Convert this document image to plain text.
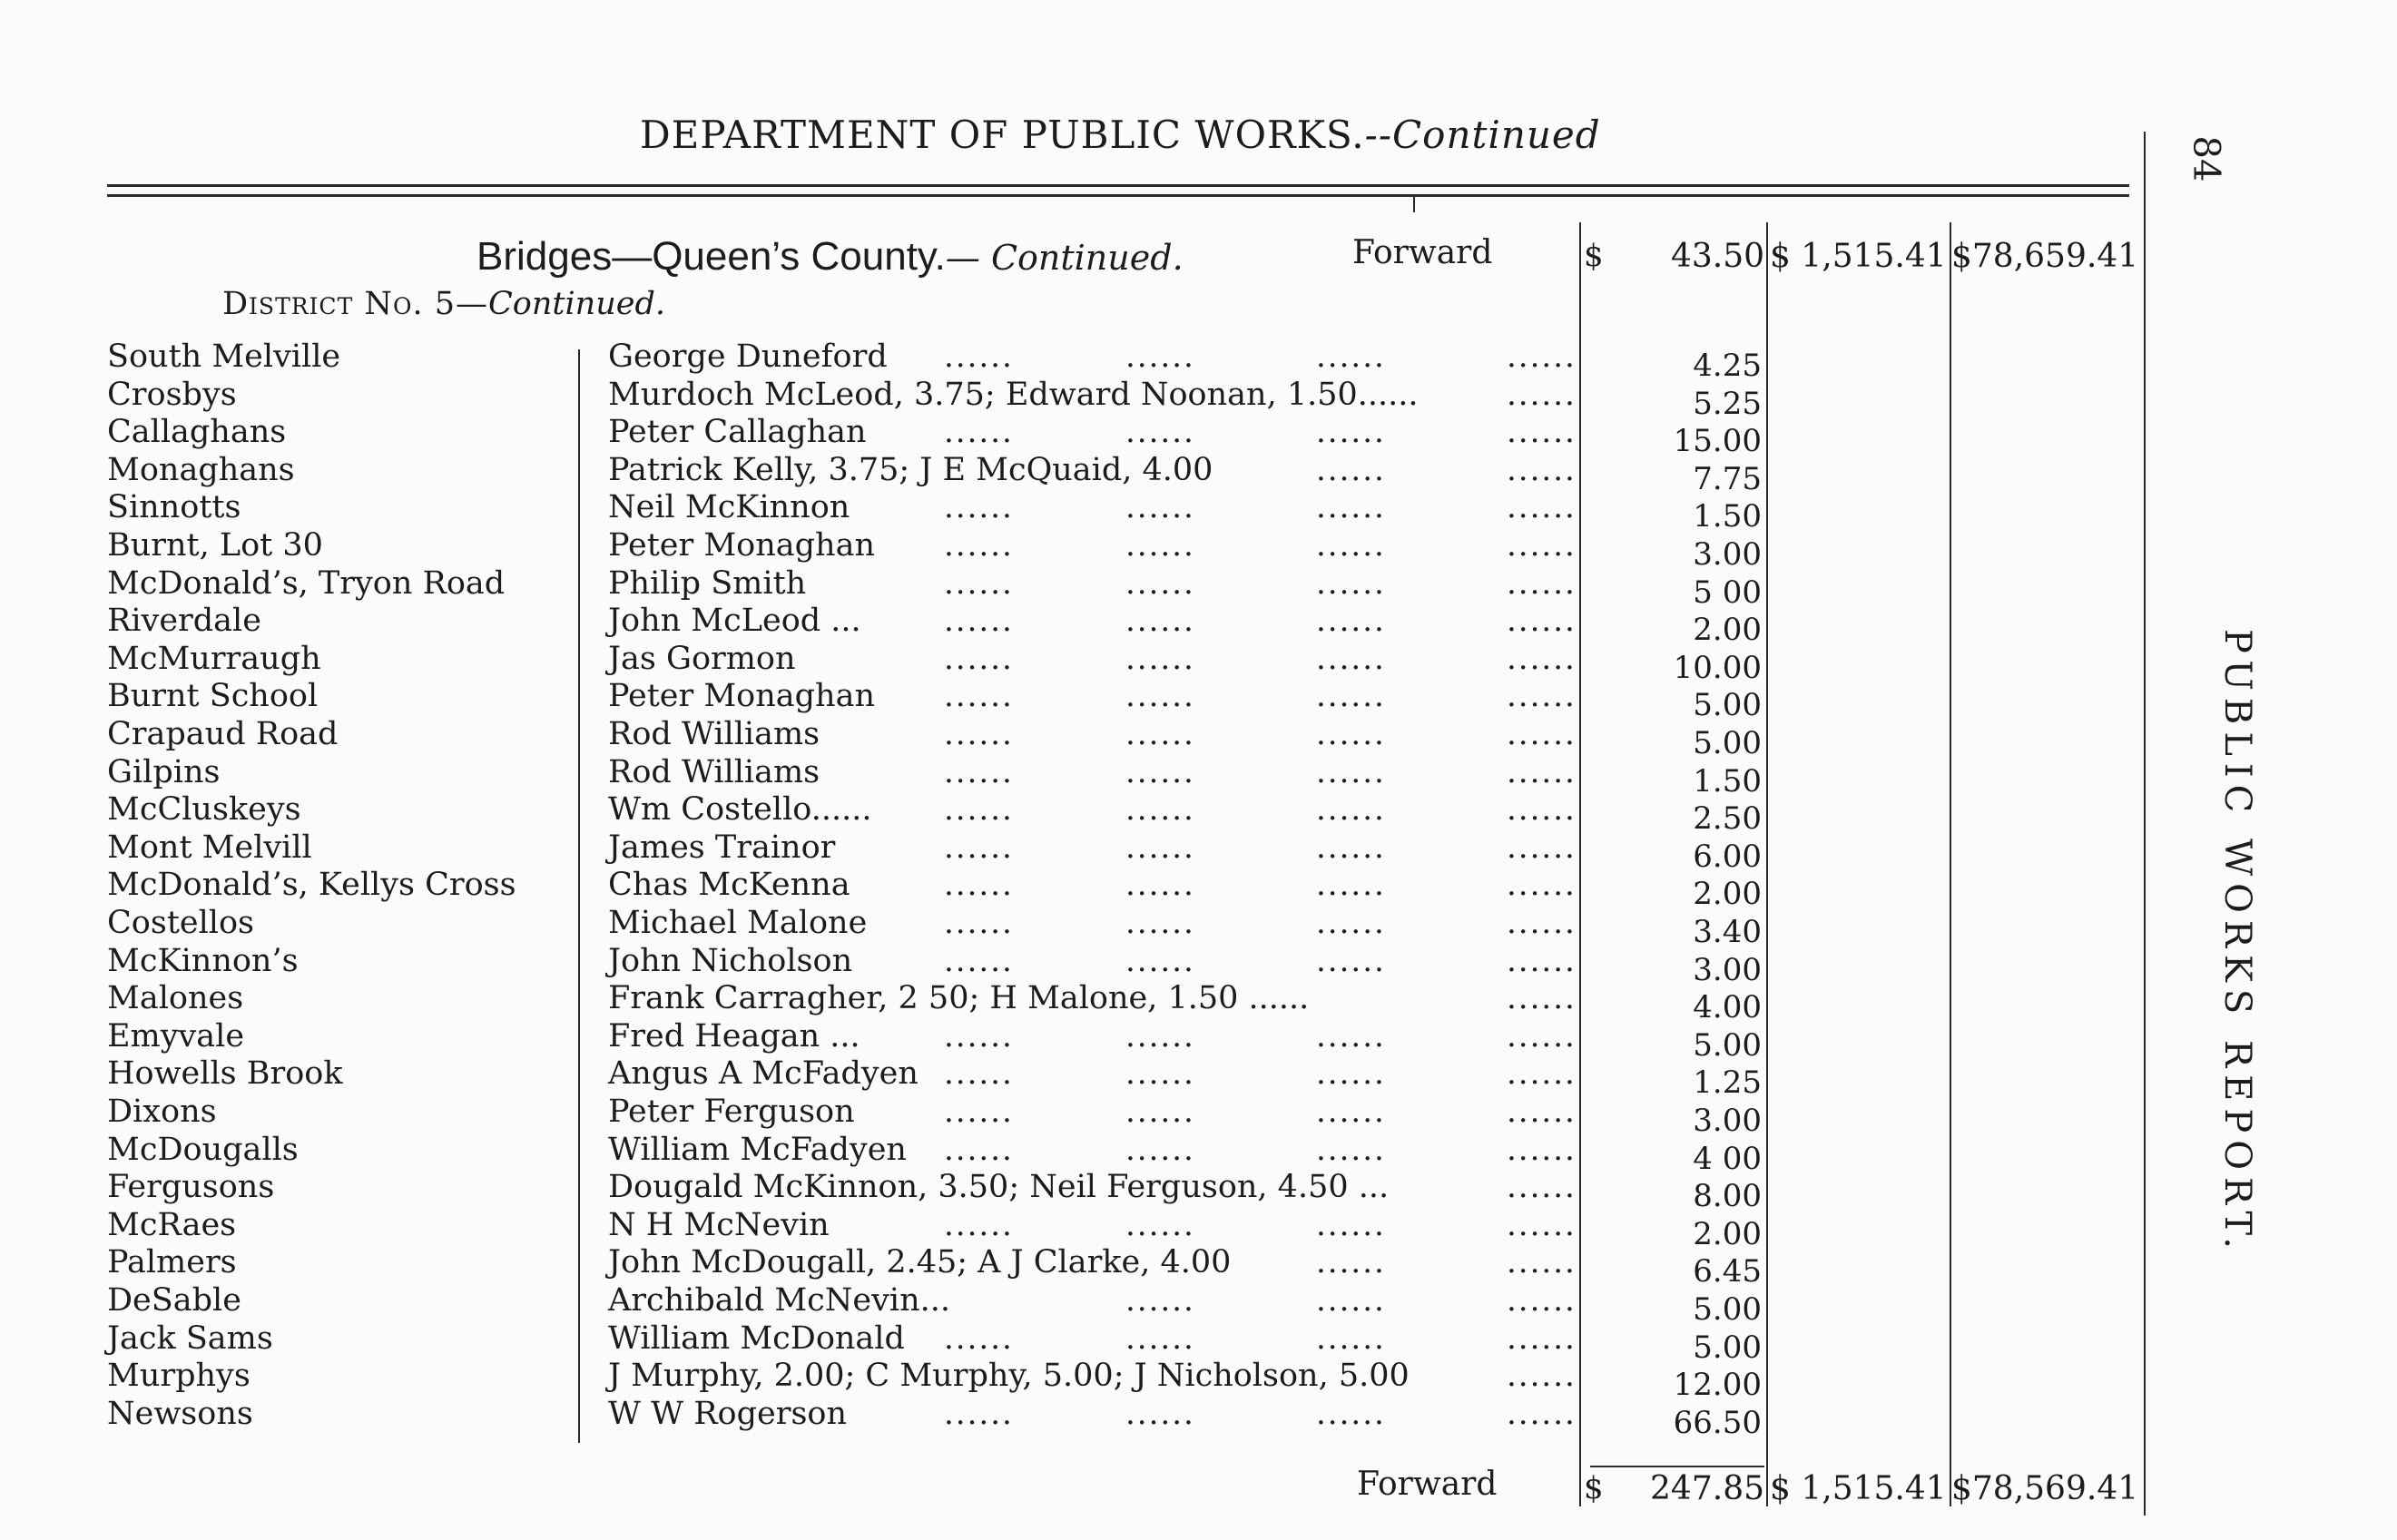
DEPARTMENT OF PUBLIC WORKS.--Continued
84
PUBLIC WORKS REPORT.
Bridges—Queen’s County.— Continued.
District No. 5—Continued.
Forward	$ 43.50 $ 1,515.41 $78,659.41
South Melville	George Duneford ......	......	......	......	4.25
Crosbys	Murdoch McLeod, 3.75; Edward Noonan, 1.50......	......	5.25
Callaghans	Peter Callaghan	......	......	......	......	15.00
Monaghans	Patrick Kelly, 3.75; J E McQuaid, 4.00	......	......	7.75
Sinnotts	Neil McKinnon	......	......	......	......	1.50
Burnt, Lot 30	Peter Monaghan ......	......	......	......	3.00
McDonald’s, Tryon Road	Philip Smith	......	......	......	......	5 00
Riverdale	John McLeod ...	......	......	......	......	2.00
McMurraugh	Jas Gormon	......	......	......	......	10.00
Burnt School	Peter Monaghan ......	......	......	......	5.00
Crapaud Road	Rod Williams	......	......	......	......	5.00
Gilpins	Rod Williams	......	......	......	......	1.50
McCluskeys	Wm Costello...... ......	......	......	......	2.50
Mont Melvill	James Trainor	......	......	......	......	6.00
McDonald’s, Kellys Cross	Chas McKenna	......	......	......	......	2.00
Costellos	Michael Malone ......	......	......	......	3.40
McKinnon’s	John Nicholson	......	......	......	......	3.00
Malones	Frank Carragher, 2 50; H Malone, 1.50 ......	......	4.00
Emyvale	Fred Heagan ...	......	......	......	......	5.00
Howells Brook	Angus A McFadyen ......	......	......	......	1.25
Dixons	Peter Ferguson	......	......	......	......	3.00
McDougalls	William McFadyen ......	......	......	......	4 00
Fergusons	Dougald McKinnon, 3.50; Neil Ferguson, 4.50 ...	......	8.00
McRaes	N H McNevin	......	......	......	......	2.00
Palmers	John McDougall, 2.45; A J Clarke, 4.00	......	......	6.45
DeSable	Archibald McNevin...	......	......	......	5.00
Jack Sams	William McDonald ......	......	......	......	5.00
Murphys	J Murphy, 2.00; C Murphy, 5.00; J Nicholson, 5.00	......	12.00
Newsons	W W Rogerson	......	......	......	......	66.50
Forward	$ 247.85 $ 1,515.41 $78,569.41
